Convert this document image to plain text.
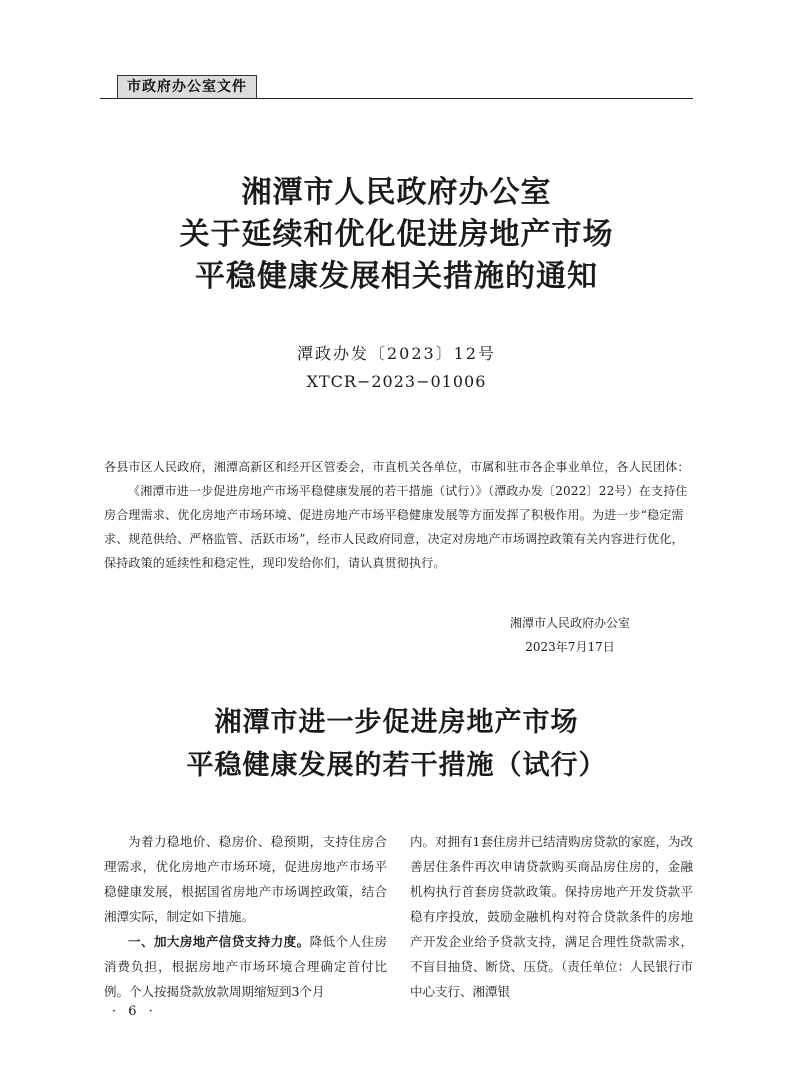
市政府办公室文件
湘潭市人民政府办公室
关于延续和优化促进房地产市场
平稳健康发展相关措施的通知
潭政办发〔2023〕12号
XTCR−2023−01006

各县市区人民政府，湘潭高新区和经开区管委会，市直机关各单位，市属和驻市各企事业单位，各人民团体：

《湘潭市进一步促进房地产市场平稳健康发展的若干措施（试行）》（潭政办发〔2022〕22号）在支持住房合理需求、优化房地产市场环境、促进房地产市场平稳健康发展等方面发挥了积极作用。为进一步“稳定需求、规范供给、严格监管、活跃市场”，经市人民政府同意，决定对房地产市场调控政策有关内容进行优化，保持政策的延续性和稳定性，现印发给你们，请认真贯彻执行。

湘潭市人民政府办公室
2023年7月17日
湘潭市进一步促进房地产市场
平稳健康发展的若干措施（试行）

为着力稳地价、稳房价、稳预期，支持住房合理需求，优化房地产市场环境，促进房地产市场平稳健康发展，根据国省房地产市场调控政策，结合湘潭实际，制定如下措施。

一、加大房地产信贷支持力度。降低个人住房消费负担，根据房地产市场环境合理确定首付比例。个人按揭贷款放款周期缩短到3个月

内。对拥有1套住房并已结清购房贷款的家庭，为改善居住条件再次申请贷款购买商品房住房的，金融机构执行首套房贷款政策。保持房地产开发贷款平稳有序投放，鼓励金融机构对符合贷款条件的房地产开发企业给予贷款支持，满足合理性贷款需求，不盲目抽贷、断贷、压贷。（责任单位：人民银行市中心支行、湘潭银

· 6 ·
